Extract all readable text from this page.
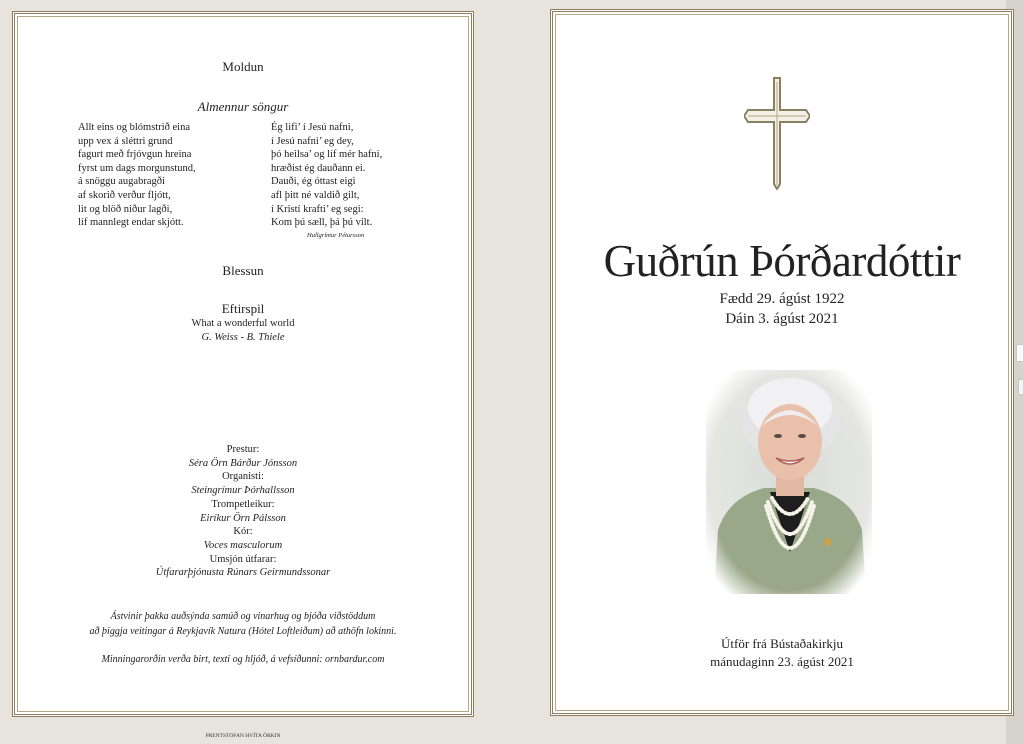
Moldun
Almennur söngur
Allt eins og blómstrið eina
upp vex á sléttri grund
fagurt með frjóvgun hreina
fyrst um dags morgunstund,
á snöggu augabragði
af skorið verður fljótt,
lit og blöð niður lagði,
líf mannlegt endar skjótt.
Ég lifi’ í Jesú nafni,
í Jesú nafni’ eg dey,
þó heilsa’ og líf mér hafni,
hræðist ég dauðann ei.
Dauði, ég óttast eigi
afl þitt né valdið gilt,
í Kristí krafti’ eg segi:
Kom þú sæll, þá þú vilt.
Hallgrímur Pétursson
Blessun
Eftirspil
What a wonderful world
G. Weiss - B. Thiele
Prestur:
Séra Örn Bárður Jónsson
Organisti:
Steingrímur Þórhallsson
Trompetleikur:
Eiríkur Örn Pálsson
Kór:
Voces masculorum
Umsjón útfarar:
Útfararþjónusta Rúnars Geirmundssonar
Ástvinir þakka auðsýnda samúð og vinarhug og bjóða viðstöddum
að þiggja veitingar á Reykjavík Natura (Hótel Loftleiðum) að athöfn lokinni.
Minningarorðin verða birt, texti og hljóð, á vefsíðunni: ornbardur.com
PRENTSTOFAN HVÍTA ÖRKIN
Guðrún Þórðardóttir
Fædd 29. ágúst 1922
Dáin 3. ágúst 2021
Útför frá Bústaðakirkju
mánudaginn 23. ágúst 2021
